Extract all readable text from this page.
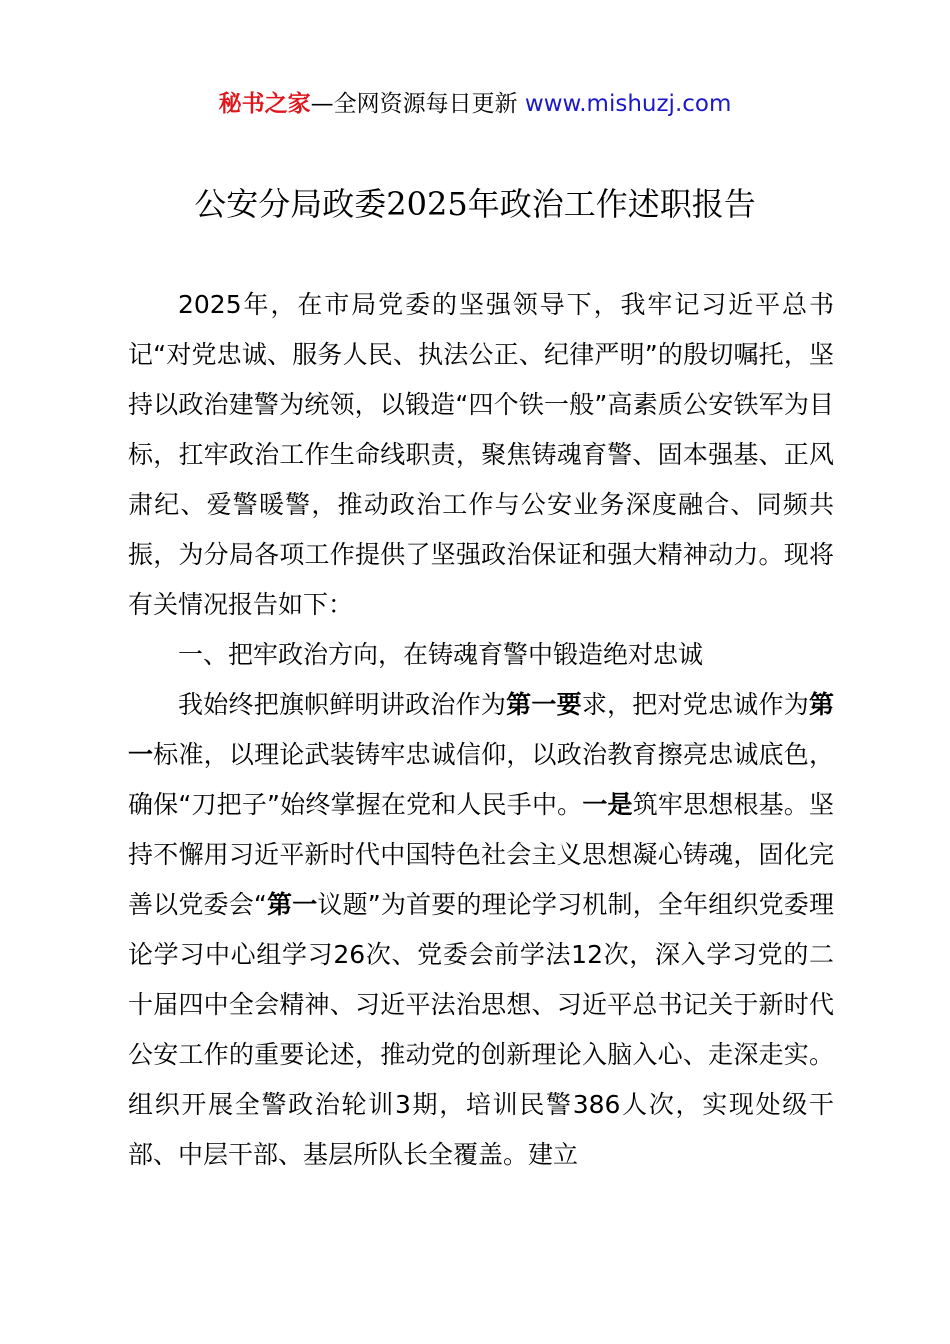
秘书之家—全网资源每日更新 www.mishuzj.com
公安分局政委2025年政治工作述职报告

2025年，在市局党委的坚强领导下，我牢记习近平总书记“对党忠诚、服务人民、执法公正、纪律严明”的殷切嘱托，坚持以政治建警为统领，以锻造“四个铁一般”高素质公安铁军为目标，扛牢政治工作生命线职责，聚焦铸魂育警、固本强基、正风肃纪、爱警暖警，推动政治工作与公安业务深度融合、同频共振，为分局各项工作提供了坚强政治保证和强大精神动力。现将有关情况报告如下：

一、把牢政治方向，在铸魂育警中锻造绝对忠诚

我始终把旗帜鲜明讲政治作为第一要求，把对党忠诚作为第一标准，以理论武装铸牢忠诚信仰，以政治教育擦亮忠诚底色，确保“刀把子”始终掌握在党和人民手中。一是筑牢思想根基。坚持不懈用习近平新时代中国特色社会主义思想凝心铸魂，固化完善以党委会“第一议题”为首要的理论学习机制，全年组织党委理论学习中心组学习26次、党委会前学法12次，深入学习党的二十届四中全会精神、习近平法治思想、习近平总书记关于新时代公安工作的重要论述，推动党的创新理论入脑入心、走深走实。组织开展全警政治轮训3期，培训民警386人次，实现处级干部、中层干部、基层所队长全覆盖。建立
